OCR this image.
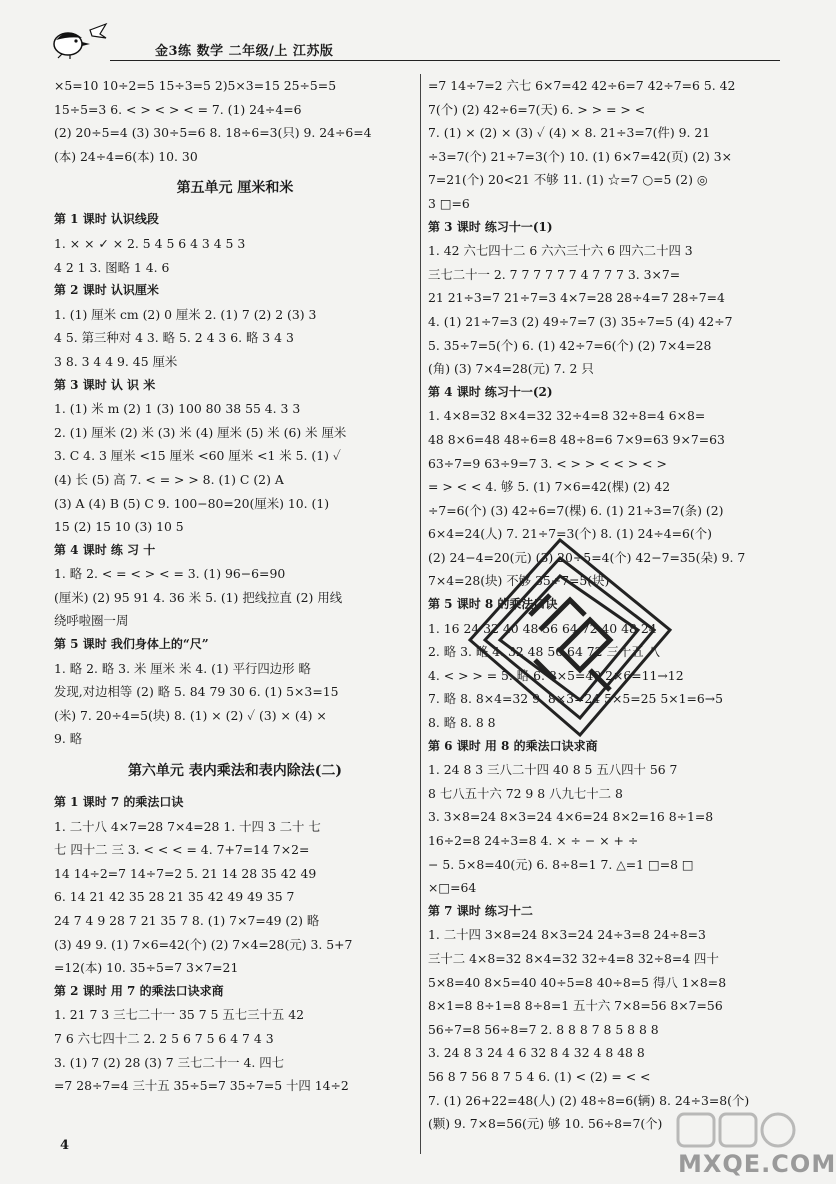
金3练 数学 二年级/上 江苏版
×5=10 10÷2=5 15÷3=5 2)5×3=15 25÷5=5
15÷5=3 6. < > < > < = 7. (1) 24÷4=6
(2) 20÷5=4 (3) 30÷5=6 8. 18÷6=3(只) 9. 24÷6=4
(本) 24÷4=6(本) 10. 30
第五单元 厘米和米
第 1 课时 认识线段
1. × × ✓ × 2. 5 4 5 6 4 3 4 5 3
4 2 1 3. 图略 1 4. 6
第 2 课时 认识厘米
1. (1) 厘米 cm (2) 0 厘米 2. (1) 7 (2) 2 (3) 3
4 5. 第三种对 4 3. 略 5. 2 4 3 6. 略 3 4 3
3 8. 3 4 4 9. 45 厘米
第 3 课时 认 识 米
1. (1) 米 m (2) 1 (3) 100 80 38 55 4. 3 3
2. (1) 厘米 (2) 米 (3) 米 (4) 厘米 (5) 米 (6) 米 厘米
3. C 4. 3 厘米 <15 厘米 <60 厘米 <1 米 5. (1) ✓
(4) 长 (5) 高 7. < = > > 8. (1) C (2) A
(3) A (4) B (5) C 9. 100−80=20(厘米) 10. (1)
15 (2) 15 10 (3) 10 5
第 4 课时 练 习 十
1. 略 2. < = < > < = 3. (1) 96−6=90
(厘米) (2) 95 91 4. 36 米 5. (1) 把线拉直 (2) 用线
绕呼啦圈一周
第 5 课时 我们身体上的“尺”
1. 略 2. 略 3. 米 厘米 米 4. (1) 平行四边形 略
发现,对边相等 (2) 略 5. 84 79 30 6. (1) 5×3=15
(米) 7. 20÷4=5(块) 8. (1) × (2) ✓ (3) × (4) ×
9. 略
第六单元 表内乘法和表内除法(二)
第 1 课时 7 的乘法口诀
1. 二十八 4×7=28 7×4=28 1. 十四 3 二十 七
七 四十二 三 3. < < < = 4. 7+7=14 7×2=
14 14÷2=7 14÷7=2 5. 21 14 28 35 42 49
6. 14 21 42 35 28 21 35 42 49 49 35 7
24 7 4 9 28 7 21 35 7 8. (1) 7×7=49 (2) 略
(3) 49 9. (1) 7×6=42(个) (2) 7×4=28(元) 3. 5+7
=12(本) 10. 35÷5=7 3×7=21
第 2 课时 用 7 的乘法口诀求商
1. 21 7 3 三七二十一 35 7 5 五七三十五 42
7 6 六七四十二 2. 2 5 6 7 5 6 4 7 4 3
3. (1) 7 (2) 28 (3) 7 三七二十一 4. 四七
=7 28÷7=4 三十五 35÷5=7 35÷7=5 十四 14÷2
=7 14÷7=2 六七 6×7=42 42÷6=7 42÷7=6 5. 42
7(个) (2) 42÷6=7(天) 6. > > = > <
7. (1) × (2) × (3) ✓ (4) × 8. 21÷3=7(件) 9. 21
÷3=7(个) 21÷7=3(个) 10. (1) 6×7=42(页) (2) 3×
7=21(个) 20<21 不够 11. (1) ☆=7 ○=5 (2) ◎
3 □=6
第 3 课时 练习十一(1)
1. 42 六七四十二 6 六六三十六 6 四六二十四 3
三七二十一 2. 7 7 7 7 7 7 4 7 7 7 3. 3×7=
21 21÷3=7 21÷7=3 4×7=28 28÷4=7 28÷7=4
4. (1) 21÷7=3 (2) 49÷7=7 (3) 35÷7=5 (4) 42÷7
5. 35÷7=5(个) 6. (1) 42÷7=6(个) (2) 7×4=28
(角) (3) 7×4=28(元) 7. 2 只
第 4 课时 练习十一(2)
1. 4×8=32 8×4=32 32÷4=8 32÷8=4 6×8=
48 8×6=48 48÷6=8 48÷8=6 7×9=63 9×7=63
63÷7=9 63÷9=7 3. < > > < < > < >
= > < < 4. 够 5. (1) 7×6=42(棵) (2) 42
÷7=6(个) (3) 42÷6=7(棵) 6. (1) 21÷3=7(条) (2)
6×4=24(人) 7. 21÷7=3(个) 8. (1) 24÷4=6(个)
(2) 24−4=20(元) (3) 20÷5=4(个) 42−7=35(朵) 9. 7
7×4=28(块) 不够 35÷7=5(块)
第 5 课时 8 的乘法口诀
1. 16 24 32 40 48 56 64 72 40 48 24
2. 略 3. 略 4. 32 48 56 64 72 三十五 八
4. < > > = 5. 略 6. 8×5=40 2×6=11→12
7. 略 8. 8×4=32 9. 8×3=24 5×5=25 5×1=6→5
8. 略 8. 8 8
第 6 课时 用 8 的乘法口诀求商
1. 24 8 3 三八二十四 40 8 5 五八四十 56 7
8 七八五十六 72 9 8 八九七十二 8
3. 3×8=24 8×3=24 4×6=24 8×2=16 8÷1=8
16÷2=8 24÷3=8 4. × ÷ − × + ÷
− 5. 5×8=40(元) 6. 8÷8=1 7. △=1 □=8 □
×□=64
第 7 课时 练习十二
1. 二十四 3×8=24 8×3=24 24÷3=8 24÷8=3
三十二 4×8=32 8×4=32 32÷4=8 32÷8=4 四十
5×8=40 8×5=40 40÷5=8 40÷8=5 得八 1×8=8
8×1=8 8÷1=8 8÷8=1 五十六 7×8=56 8×7=56
56÷7=8 56÷8=7 2. 8 8 8 7 8 5 8 8 8
3. 24 8 3 24 4 6 32 8 4 32 4 8 48 8
56 8 7 56 8 7 5 4 6. (1) < (2) = < <
7. (1) 26+22=48(人) (2) 48÷8=6(辆) 8. 24÷3=8(个)
(颗) 9. 7×8=56(元) 够 10. 56÷8=7(个)
MXQE.COM
4
